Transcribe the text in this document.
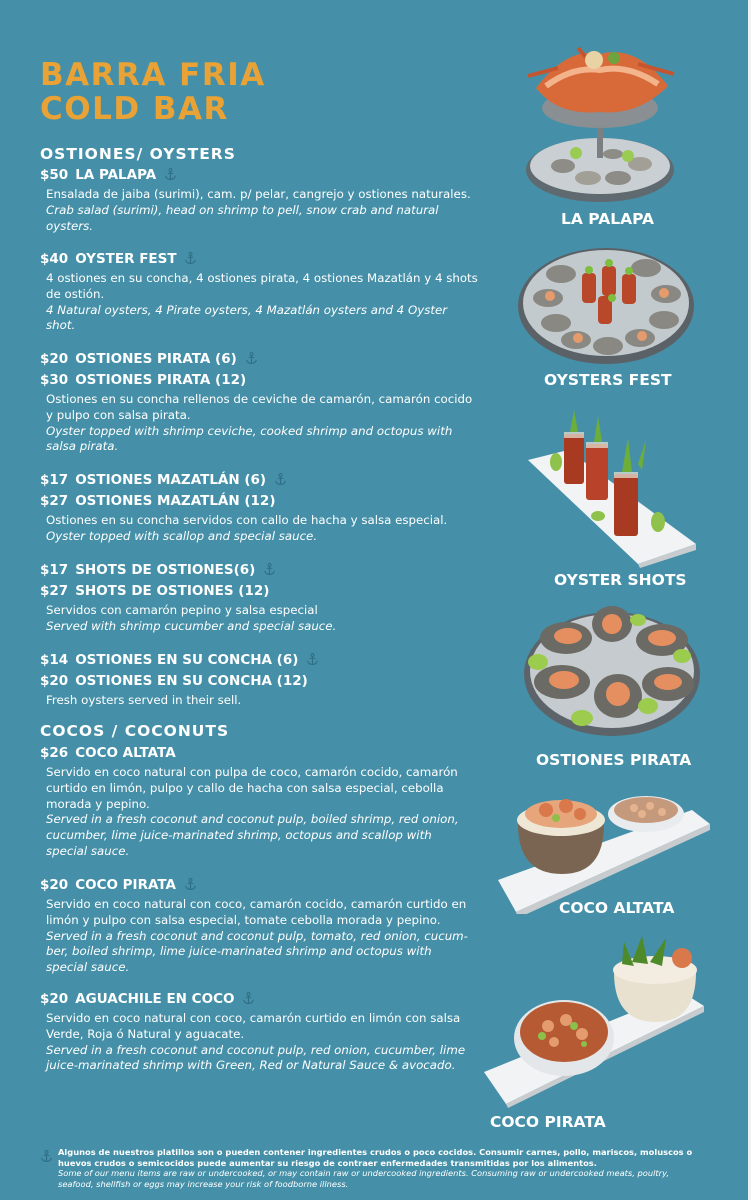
BARRA FRIA
COLD BAR
OSTIONES/ OYSTERS
$50 LA PALAPA
Ensalada de jaiba (surimi), cam. p/ pelar, cangrejo y ostiones naturales.
Crab salad (surimi), head on shrimp to pell, snow crab and natural oysters.
$40 OYSTER FEST
4 ostiones en su concha, 4 ostiones pirata, 4 ostiones Mazatlán y 4 shots de ostión.
4 Natural oysters, 4 Pirate oysters, 4 Mazatlán oysters and 4 Oyster shot.
$20 OSTIONES PIRATA (6)
$30 OSTIONES PIRATA (12)
Ostiones en su concha rellenos de ceviche de camarón, camarón cocido y pulpo con salsa pirata.
Oyster topped with shrimp ceviche, cooked shrimp and octopus with salsa pirata.
$17 OSTIONES MAZATLÁN (6)
$27 OSTIONES MAZATLÁN (12)
Ostiones en su concha servidos con callo de hacha y salsa especial.
Oyster topped with scallop and special sauce.
$17 SHOTS DE OSTIONES(6)
$27 SHOTS DE OSTIONES (12)
Servidos con camarón pepino y salsa especial
Served with shrimp cucumber and special sauce.
$14 OSTIONES EN SU CONCHA (6)
$20 OSTIONES EN SU CONCHA (12)
Fresh oysters served in their sell.
COCOS / COCONUTS
$26 COCO ALTATA
Servido en coco natural con pulpa de coco, camarón cocido, camarón curtido en limón, pulpo y callo de hacha con salsa especial, cebolla morada y pepino.
Served in a fresh coconut and coconut pulp, boiled shrimp, red onion, cucumber, lime juice-marinated shrimp, octopus and scallop with special sauce.
$20 COCO PIRATA
Servido en coco natural con coco, camarón cocido, camarón curtido en limón y pulpo con salsa especial, tomate cebolla morada y pepino.
Served in a fresh coconut and coconut pulp, tomato, red onion, cucum-ber, boiled shrimp, lime juice-marinated shrimp and octopus with special sauce.
$20 AGUACHILE EN COCO
Servido en coco natural con coco, camarón curtido en limón con salsa Verde, Roja ó Natural y aguacate.
Served in a fresh coconut and coconut pulp, red onion, cucumber, lime juice-marinated shrimp with Green, Red or Natural Sauce & avocado.
LA PALAPA
OYSTERS FEST
OYSTER SHOTS
OSTIONES PIRATA
COCO ALTATA
COCO PIRATA
Algunos de nuestros platillos son o pueden contener ingredientes crudos o poco cocidos. Consumir carnes, pollo, mariscos, moluscos o huevos crudos o semicocidos puede aumentar su riesgo de contraer enfermedades transmitidas por los alimentos.
Some of our menu items are raw or undercooked, or may contain raw or undercooked ingredients. Consuming raw or undercooked meats, poultry, seafood, shellfish or eggs may increase your risk of foodborne illness.
